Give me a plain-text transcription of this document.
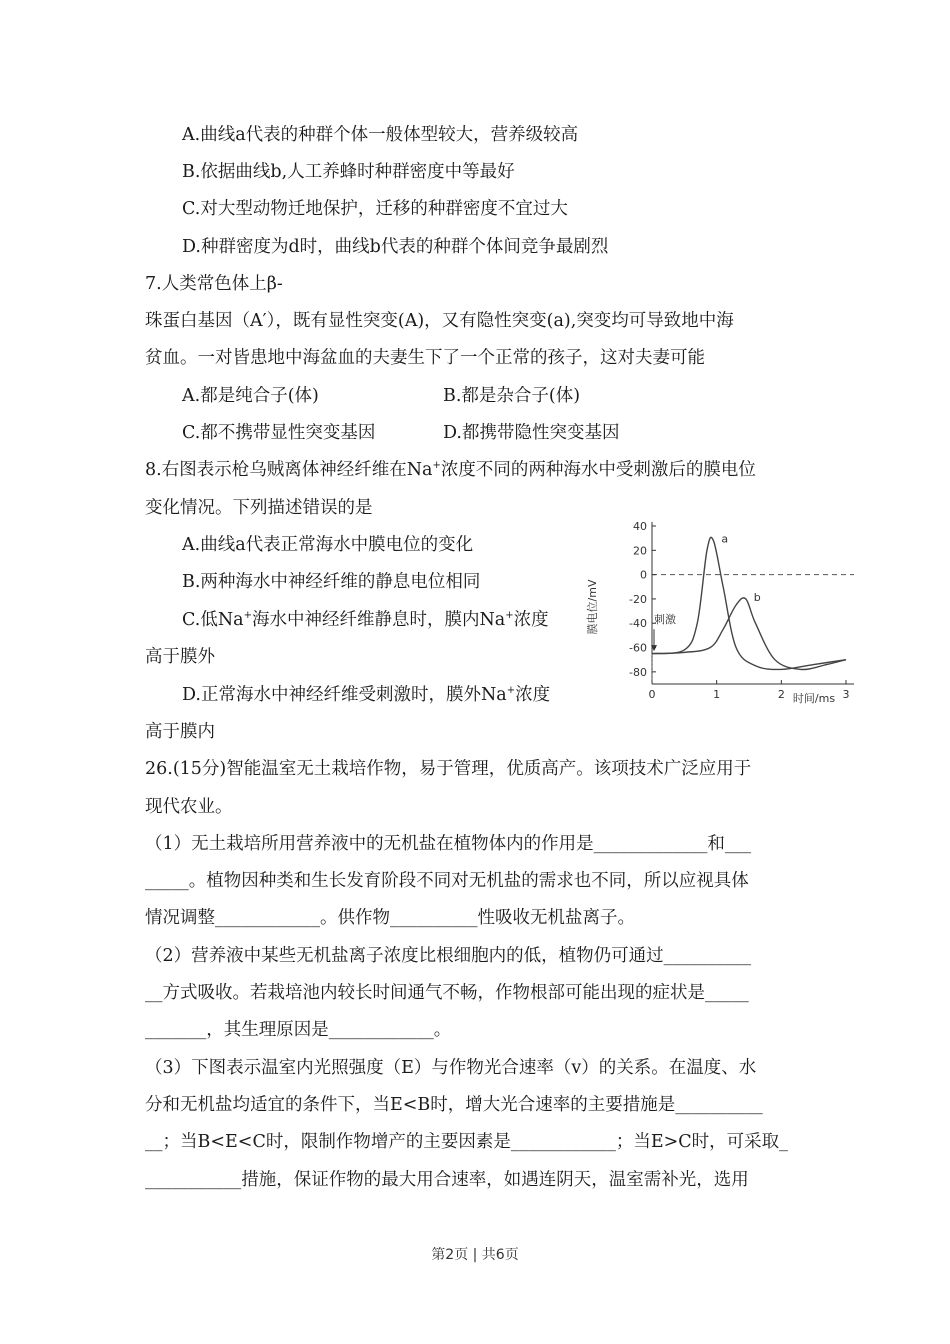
A.曲线a代表的种群个体一般体型较大，营养级较高
B.依据曲线b,人工养蜂时种群密度中等最好
C.对大型动物迁地保护，迁移的种群密度不宜过大
D.种群密度为d时，曲线b代表的种群个体间竞争最剧烈
7.人类常色体上β-
珠蛋白基因（A′），既有显性突变(A)，又有隐性突变(a),突变均可导致地中海
贫血。一对皆患地中海盆血的夫妻生下了一个正常的孩子，这对夫妻可能
A.都是纯合子(体)	B.都是杂合子(体)
C.都不携带显性突变基因	D.都携带隐性突变基因
8.右图表示枪乌贼离体神经纤维在Na+浓度不同的两种海水中受刺激后的膜电位
变化情况。下列描述错误的是
A.曲线a代表正常海水中膜电位的变化
B.两种海水中神经纤维的静息电位相同
C.低Na+海水中神经纤维静息时，膜内Na+浓度
高于膜外
D.正常海水中神经纤维受刺激时，膜外Na+浓度
高于膜内
膜电位/mV
时间/ms
40
20
0
-20
-40
-60
-80
0	1	2	3
a
b
刺激
26.(15分)智能温室无土栽培作物，易于管理，优质高产。该项技术广泛应用于
现代农业。
（1）无土栽培所用营养液中的无机盐在植物体内的作用是_____________和___
_____。植物因种类和生长发育阶段不同对无机盐的需求也不同，所以应视具体
情况调整____________。供作物__________性吸收无机盐离子。
（2）营养液中某些无机盐离子浓度比根细胞内的低，植物仍可通过__________
__方式吸收。若栽培池内较长时间通气不畅，作物根部可能出现的症状是_____
_______，其生理原因是____________。
（3）下图表示温室内光照强度（E）与作物光合速率（v）的关系。在温度、水
分和无机盐均适宜的条件下，当E<B时，增大光合速率的主要措施是__________
__；当B<E<C时，限制作物增产的主要因素是____________；当E>C时，可采取_
___________措施，保证作物的最大用合速率，如遇连阴天，温室需补光，选用
第2页 | 共6页
